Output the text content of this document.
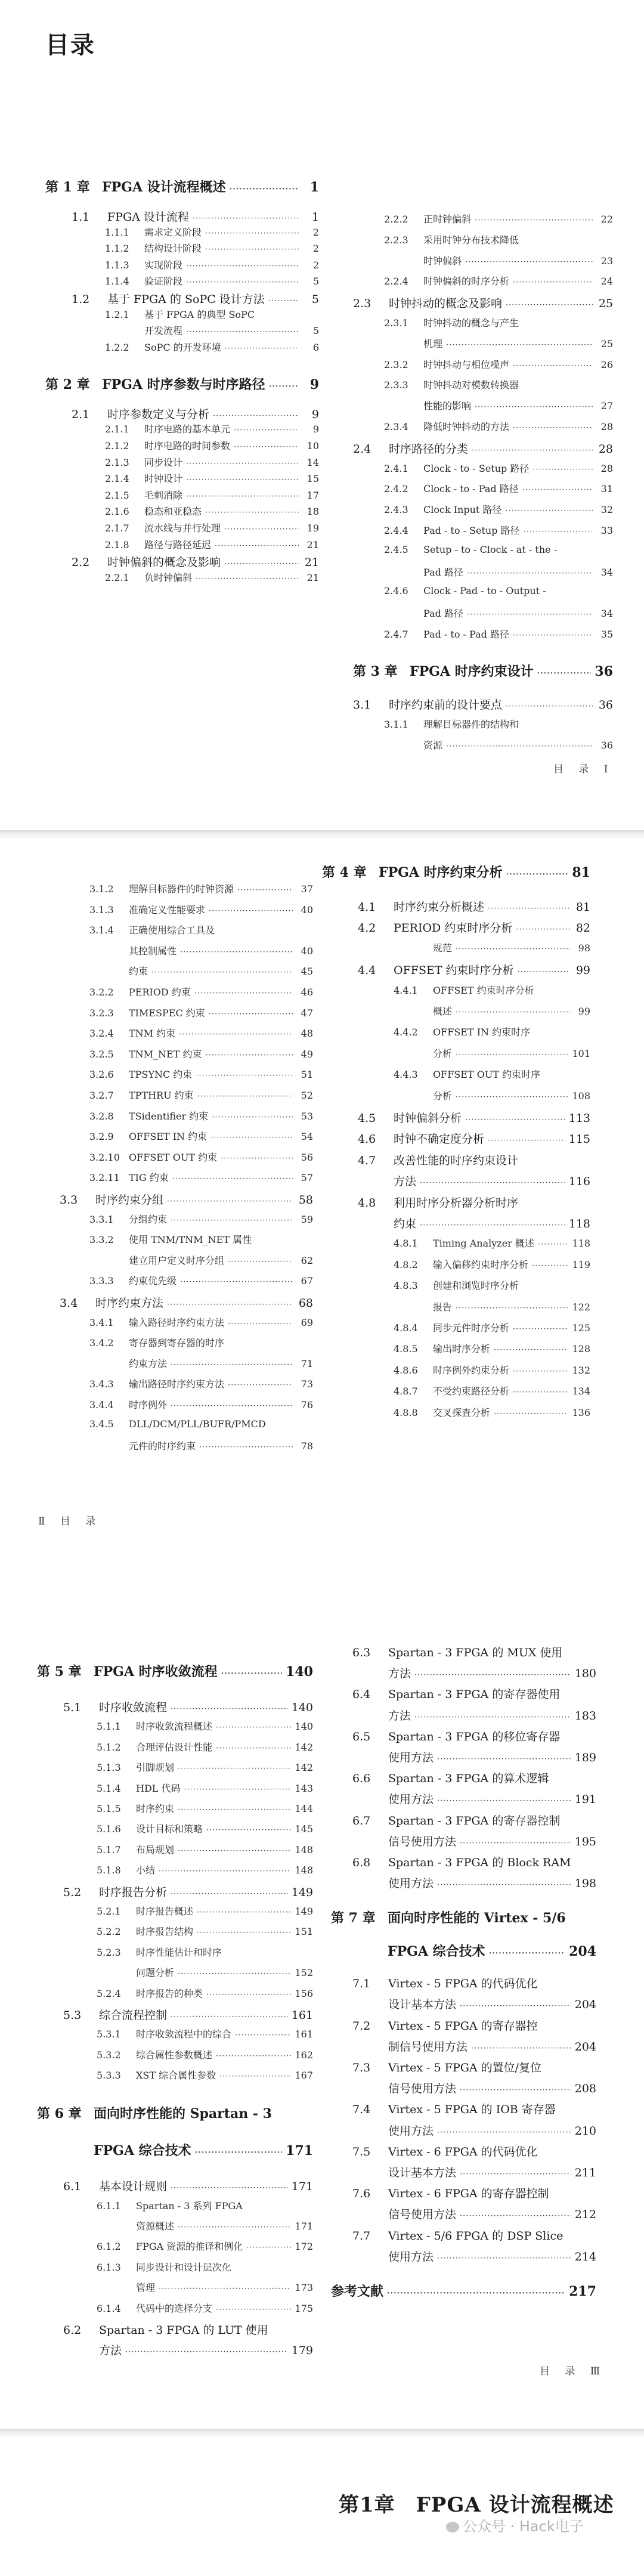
目录
第 1 章 FPGA 设计流程概述 ·····	1
1.1	FPGA 设计流程 ·····	1
1.1.1	需求定义阶段 ·····	2
1.1.2	结构设计阶段 ·····	2
1.1.3	实现阶段 ·····	2
1.1.4	验证阶段 ·····	5
1.2	基于 FPGA 的 SoPC 设计方法 ·····	5
1.2.1	基于 FPGA 的典型 SoPC
开发流程 ·····	5
1.2.2	SoPC 的开发环境 ·····	6
第 2 章 FPGA 时序参数与时序路径 ·····	9
2.1	时序参数定义与分析 ·····	9
2.1.1	时序电路的基本单元 ·····	9
2.1.2	时序电路的时间参数 ·····	10
2.1.3	同步设计 ·····	14
2.1.4	时钟设计 ·····	15
2.1.5	毛刺消除 ·····	17
2.1.6	稳态和亚稳态 ·····	18
2.1.7	流水线与并行处理 ·····	19
2.1.8	路径与路径延迟 ·····	21
2.2	时钟偏斜的概念及影响 ·····	21
2.2.1	负时钟偏斜 ·····	21
2.2.2	正时钟偏斜 ·····	22
2.2.3	采用时钟分布技术降低
时钟偏斜 ·····	23
2.2.4	时钟偏斜的时序分析 ·····	24
2.3	时钟抖动的概念及影响 ·····	25
2.3.1	时钟抖动的概念与产生
机理 ·····	25
2.3.2	时钟抖动与相位噪声 ·····	26
2.3.3	时钟抖动对模数转换器
性能的影响 ·····	27
2.3.4	降低时钟抖动的方法 ·····	28
2.4	时序路径的分类 ·····	28
2.4.1	Clock - to - Setup 路径 ·····	28
2.4.2	Clock - to - Pad 路径 ·····	31
2.4.3	Clock Input 路径 ·····	32
2.4.4	Pad - to - Setup 路径 ·····	33
2.4.5	Setup - to - Clock - at - the -
Pad 路径 ·····	34
2.4.6	Clock - Pad - to - Output -
Pad 路径 ·····	34
2.4.7	Pad - to - Pad 路径 ·····	35
第 3 章 FPGA 时序约束设计 ·····	36
3.1	时序约束前的设计要点 ·····	36
3.1.1	理解目标器件的结构和
资源 ·····	36
目 录 Ⅰ
3.1.2	理解目标器件的时钟资源 ·····	37
3.1.3	准确定义性能要求 ·····	40
3.1.4	正确使用综合工具及
其控制属性 ·····	40
约束 ·····	45
3.2.2	PERIOD 约束 ·····	46
3.2.3	TIMESPEC 约束 ·····	47
3.2.4	TNM 约束 ·····	48
3.2.5	TNM_NET 约束 ·····	49
3.2.6	TPSYNC 约束 ·····	51
3.2.7	TPTHRU 约束 ·····	52
3.2.8	TSidentifier 约束 ·····	53
3.2.9	OFFSET IN 约束 ·····	54
3.2.10 OFFSET OUT 约束 ·····	56
3.2.11 TIG 约束 ·····	57
3.3	时序约束分组 ·····	58
3.3.1	分组约束 ·····	59
3.3.2	使用 TNM/TNM_NET 属性
建立用户定义时序分组 ·····	62
3.3.3	约束优先级 ·····	67
3.4	时序约束方法 ·····	68
3.4.1	输入路径时序约束方法 ·····	69
3.4.2	寄存器到寄存器的时序
约束方法 ·····	71
3.4.3	输出路径时序约束方法 ·····	73
3.4.4	时序例外 ·····	76
3.4.5	DLL/DCM/PLL/BUFR/PMCD
元件的时序约束 ·····	78
第 4 章 FPGA 时序约束分析 ·····	81
4.1	时序约束分析概述 ·····	81
4.2	PERIOD 约束时序分析 ·····	82
规范 ·····	98
4.4	OFFSET 约束时序分析 ·····	99
4.4.1	OFFSET 约束时序分析
概述 ·····	99
4.4.2	OFFSET IN 约束时序
分析 ·····	101
4.4.3	OFFSET OUT 约束时序
分析 ·····	108
4.5	时钟偏斜分析 ·····	113
4.6	时钟不确定度分析 ·····	115
4.7	改善性能的时序约束设计
方法 ·····	116
4.8	利用时序分析器分析时序
约束 ·····	118
4.8.1	Timing Analyzer 概述 ·····	118
4.8.2	输入偏移约束时序分析 ·····	119
4.8.3	创建和浏览时序分析
报告 ·····	122
4.8.4	同步元件时序分析 ·····	125
4.8.5	输出时序分析 ·····	128
4.8.6	时序例外约束分析 ·····	132
4.8.7	不受约束路径分析 ·····	134
4.8.8	交叉探查分析 ·····	136
Ⅱ 目 录
第 5 章 FPGA 时序收敛流程 ·····	140
5.1	时序收敛流程 ·····	140
5.1.1	时序收敛流程概述 ·····	140
5.1.2	合理评估设计性能 ·····	142
5.1.3	引脚规划 ·····	142
5.1.4	HDL 代码 ·····	143
5.1.5	时序约束 ·····	144
5.1.6	设计目标和策略 ·····	145
5.1.7	布局规划 ·····	148
5.1.8	小结 ·····	148
5.2	时序报告分析 ·····	149
5.2.1	时序报告概述 ·····	149
5.2.2	时序报告结构 ·····	151
5.2.3	时序性能估计和时序
问题分析 ·····	152
5.2.4	时序报告的种类 ·····	156
5.3	综合流程控制 ·····	161
5.3.1	时序收敛流程中的综合 ·····	161
5.3.2	综合属性参数概述 ·····	162
5.3.3	XST 综合属性参数 ·····	167
第 6 章 面向时序性能的 Spartan - 3
FPGA 综合技术 ·····	171
6.1	基本设计规则 ·····	171
6.1.1	Spartan - 3 系列 FPGA
资源概述 ·····	171
6.1.2	FPGA 资源的推译和例化 ·····	172
6.1.3	同步设计和设计层次化
管理 ·····	173
6.1.4	代码中的选择分支 ·····	175
6.2	Spartan - 3 FPGA 的 LUT 使用
方法 ·····	179
6.3	Spartan - 3 FPGA 的 MUX 使用
方法 ·····	180
6.4	Spartan - 3 FPGA 的寄存器使用
方法 ·····	183
6.5	Spartan - 3 FPGA 的移位寄存器
使用方法 ·····	189
6.6	Spartan - 3 FPGA 的算术逻辑
使用方法 ·····	191
6.7	Spartan - 3 FPGA 的寄存器控制
信号使用方法 ·····	195
6.8	Spartan - 3 FPGA 的 Block RAM
使用方法 ·····	198
第 7 章 面向时序性能的 Virtex - 5/6
FPGA 综合技术 ·····	204
7.1	Virtex - 5 FPGA 的代码优化
设计基本方法 ·····	204
7.2	Virtex - 5 FPGA 的寄存器控
制信号使用方法 ·····	204
7.3	Virtex - 5 FPGA 的置位/复位
信号使用方法 ·····	208
7.4	Virtex - 5 FPGA 的 IOB 寄存器
使用方法 ·····	210
7.5	Virtex - 6 FPGA 的代码优化
设计基本方法 ·····	211
7.6	Virtex - 6 FPGA 的寄存器控制
信号使用方法 ·····	212
7.7	Virtex - 5/6 FPGA 的 DSP Slice
使用方法 ·····	214
参考文献 ·····	217
目 录 Ⅲ
第1章　FPGA 设计流程概述
公众号 · Hack电子
